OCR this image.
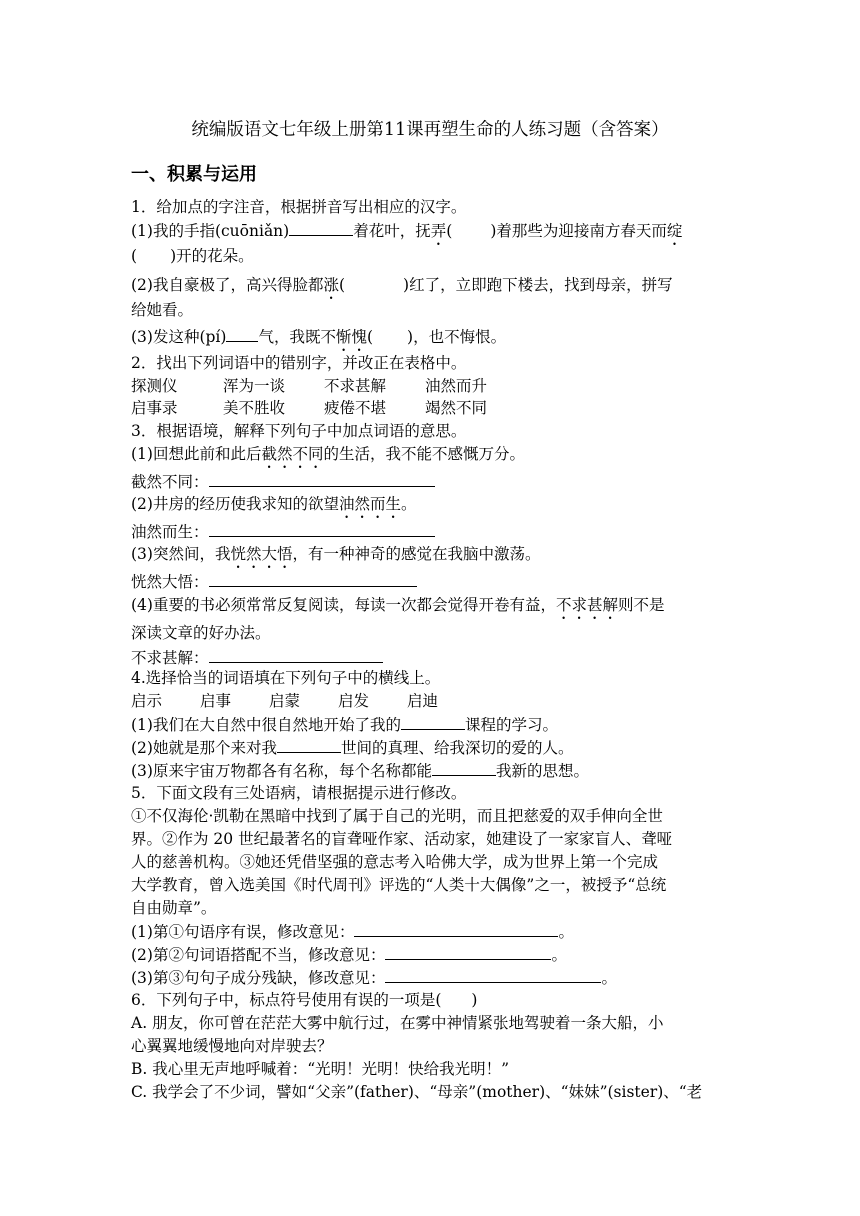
统编版语文七年级上册第11课再塑生命的人练习题（含答案）
一、积累与运用
1．给加点的字注音，根据拼音写出相应的汉字。
(1)我的手指(cuōniǎn)	着花叶，抚弄( )着那些为迎接南方春天而绽
( )开的花朵。
(2)我自豪极了，高兴得脸都涨(	)红了，立即跑下楼去，找到母亲，拼写
给她看。
(3)发这种(pí) 气，我既不惭愧( )，也不悔恨。
2．找出下列词语中的错别字，并改正在表格中。
探测仪	浑为一谈	不求甚解	油然而升
启事录	美不胜收	疲倦不堪	竭然不同
3．根据语境，解释下列句子中加点词语的意思。
(1)回想此前和此后截然不同的生活，我不能不感慨万分。
截然不同：
(2)井房的经历使我求知的欲望油然而生。
油然而生：
(3)突然间，我恍然大悟，有一种神奇的感觉在我脑中激荡。
恍然大悟：
(4)重要的书必须常常反复阅读，每读一次都会觉得开卷有益，不求甚解则不是
深读文章的好办法。
不求甚解：
4.选择恰当的词语填在下列句子中的横线上。
启示 启事 启蒙 启发 启迪
(1)我们在大自然中很自然地开始了我的	课程的学习。
(2)她就是那个来对我	世间的真理、给我深切的爱的人。
(3)原来宇宙万物都各有名称，每个名称都能	我新的思想。
5．下面文段有三处语病，请根据提示进行修改。
①不仅海伦·凯勒在黑暗中找到了属于自己的光明，而且把慈爱的双手伸向全世
界。②作为 20 世纪最著名的盲聋哑作家、活动家，她建设了一家家盲人、聋哑
人的慈善机构。③她还凭借坚强的意志考入哈佛大学，成为世界上第一个完成
大学教育，曾入选美国《时代周刊》评选的“人类十大偶像”之一，被授予“总统
自由勋章”。
(1)第①句语序有误，修改意见：	。
(2)第②句词语搭配不当，修改意见：	。
(3)第③句句子成分残缺，修改意见：	。
6．下列句子中，标点符号使用有误的一项是( )
A. 朋友，你可曾在茫茫大雾中航行过，在雾中神情紧张地驾驶着一条大船，小
心翼翼地缓慢地向对岸驶去？
B. 我心里无声地呼喊着：“光明！光明！快给我光明！”
C. 我学会了不少词，譬如“父亲”(father)、“母亲”(mother)、“妹妹”(sister)、“老
